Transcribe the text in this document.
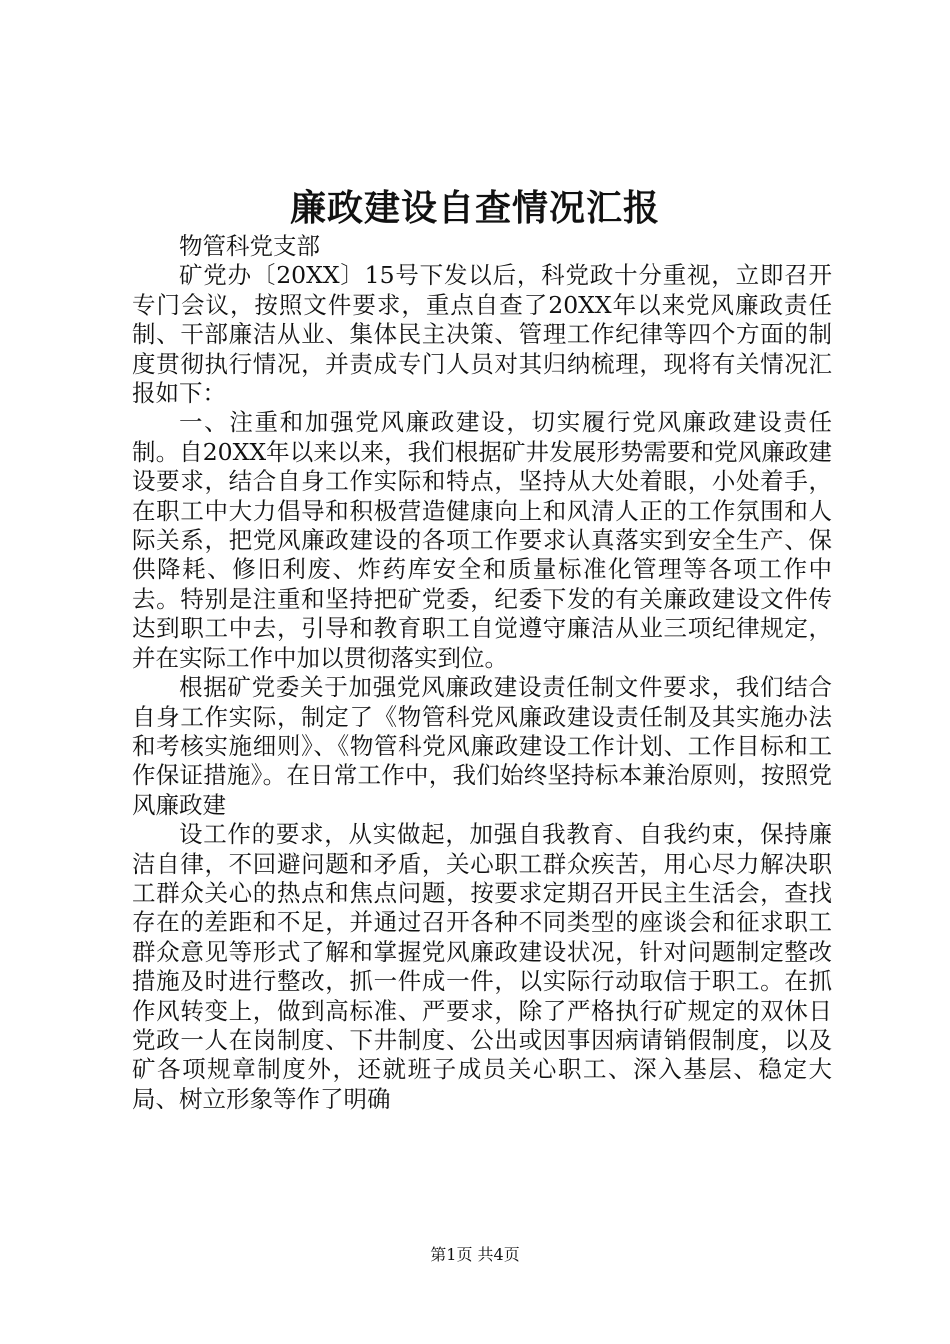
廉政建设自查情况汇报

物管科党支部

矿党办〔20XX〕15号下发以后，科党政十分重视，立即召开专门会议，按照文件要求，重点自查了20XX年以来党风廉政责任制、干部廉洁从业、集体民主决策、管理工作纪律等四个方面的制度贯彻执行情况，并责成专门人员对其归纳梳理，现将有关情况汇报如下：

一、注重和加强党风廉政建设，切实履行党风廉政建设责任制。自20XX年以来以来，我们根据矿井发展形势需要和党风廉政建设要求，结合自身工作实际和特点，坚持从大处着眼，小处着手，在职工中大力倡导和积极营造健康向上和风清人正的工作氛围和人际关系，把党风廉政建设的各项工作要求认真落实到安全生产、保供降耗、修旧利废、炸药库安全和质量标准化管理等各项工作中去。特别是注重和坚持把矿党委，纪委下发的有关廉政建设文件传达到职工中去，引导和教育职工自觉遵守廉洁从业三项纪律规定，并在实际工作中加以贯彻落实到位。

根据矿党委关于加强党风廉政建设责任制文件要求，我们结合自身工作实际，制定了《物管科党风廉政建设责任制及其实施办法和考核实施细则》、《物管科党风廉政建设工作计划、工作目标和工作保证措施》。在日常工作中，我们始终坚持标本兼治原则，按照党风廉政建

设工作的要求，从实做起，加强自我教育、自我约束，保持廉洁自律，不回避问题和矛盾，关心职工群众疾苦，用心尽力解决职工群众关心的热点和焦点问题，按要求定期召开民主生活会，查找存在的差距和不足，并通过召开各种不同类型的座谈会和征求职工群众意见等形式了解和掌握党风廉政建设状况，针对问题制定整改措施及时进行整改，抓一件成一件，以实际行动取信于职工。在抓作风转变上，做到高标准、严要求，除了严格执行矿规定的双休日党政一人在岗制度、下井制度、公出或因事因病请销假制度，以及矿各项规章制度外，还就班子成员关心职工、深入基层、稳定大局、树立形象等作了明确

第1页 共4页
